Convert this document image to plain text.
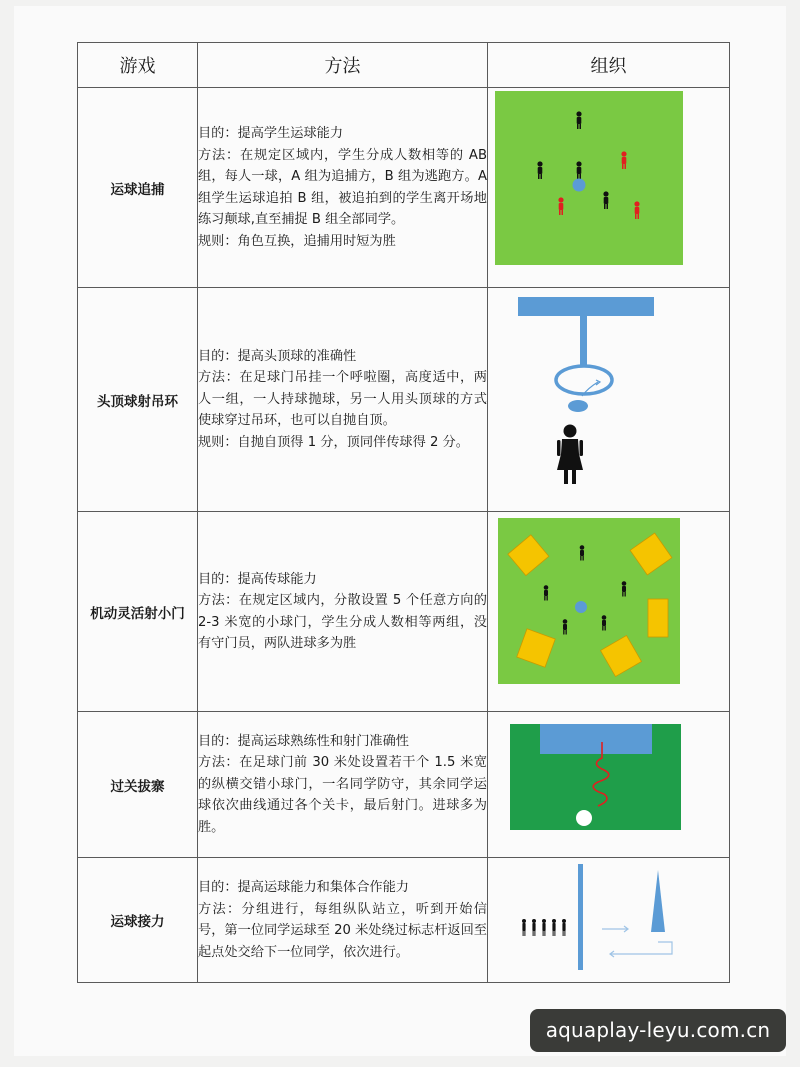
游戏	方法	组织
运球追捕	目的：提高学生运球能力

方法：在规定区域内，学生分成人数相等的 AB 组，每人一球，A 组为追捕方，B 组为逃跑方。A 组学生运球追拍 B 组，被追拍到的学生离开场地练习颠球,直至捕捉 B 组全部同学。

规则：角色互换，追捕用时短为胜

头顶球射吊环	目的：提高头顶球的准确性

方法：在足球门吊挂一个呼啦圈，高度适中，两人一组，一人持球抛球，另一人用头顶球的方式使球穿过吊环，也可以自抛自顶。

规则：自抛自顶得 1 分，顶同伴传球得 2 分。

机动灵活射小门	目的：提高传球能力

方法：在规定区域内，分散设置 5 个任意方向的 2-3 米宽的小球门，学生分成人数相等两组，没有守门员，两队进球多为胜

过关拔寨	目的：提高运球熟练性和射门准确性

方法：在足球门前 30 米处设置若干个 1.5 米宽的纵横交错小球门，一名同学防守，其余同学运球依次曲线通过各个关卡，最后射门。进球多为胜。

运球接力	目的：提高运球能力和集体合作能力

方法：分组进行，每组纵队站立，听到开始信号，第一位同学运球至 20 米处绕过标志杆返回至起点处交给下一位同学，依次进行。

aquaplay-leyu.com.cn
